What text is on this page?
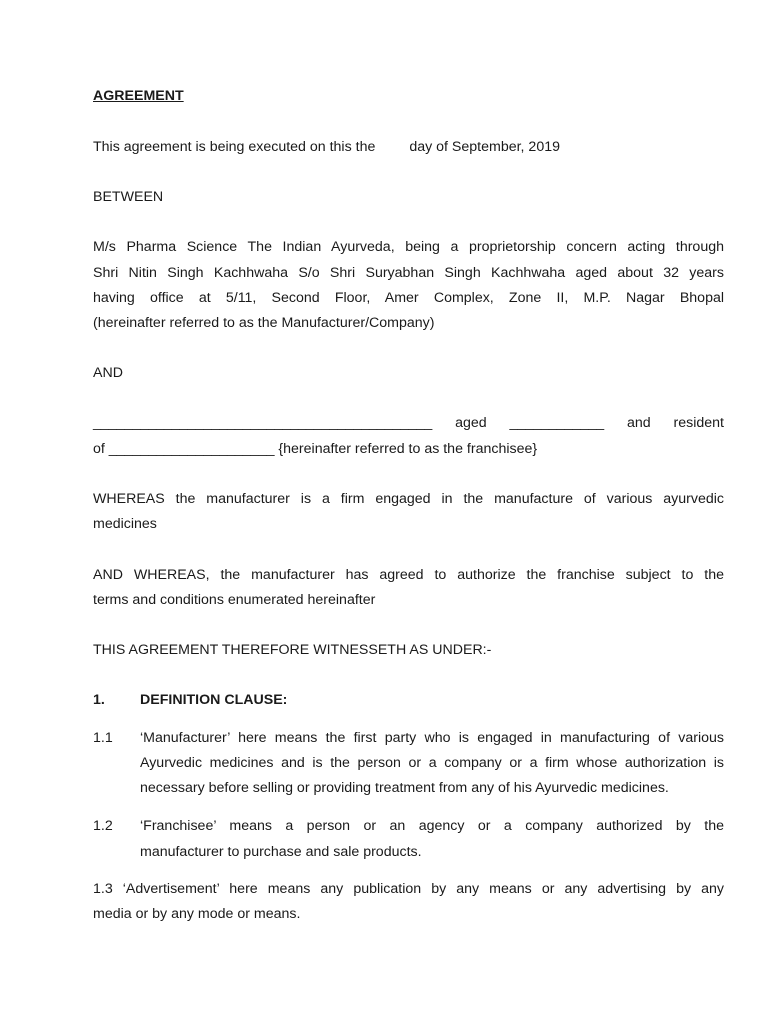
AGREEMENT
This agreement is being executed on this the day of September, 2019
BETWEEN
M/s Pharma Science The Indian Ayurveda, being a proprietorship concern acting through
Shri Nitin Singh Kachhwaha S/o Shri Suryabhan Singh Kachhwaha aged about 32 years
having office at 5/11, Second Floor, Amer Complex, Zone II, M.P. Nagar Bhopal
(hereinafter referred to as the Manufacturer/Company)
AND
___________________________________________ aged ____________ and resident
of _____________________ {hereinafter referred to as the franchisee}
WHEREAS the manufacturer is a firm engaged in the manufacture of various ayurvedic
medicines
AND WHEREAS, the manufacturer has agreed to authorize the franchise subject to the
terms and conditions enumerated hereinafter
THIS AGREEMENT THEREFORE WITNESSETH AS UNDER:-
1. DEFINITION CLAUSE:
1.1 ‘Manufacturer’ here means the first party who is engaged in manufacturing of various
Ayurvedic medicines and is the person or a company or a firm whose authorization is
necessary before selling or providing treatment from any of his Ayurvedic medicines.
1.2 ‘Franchisee’ means a person or an agency or a company authorized by the
manufacturer to purchase and sale products.
1.3 ‘Advertisement’ here means any publication by any means or any advertising by any
media or by any mode or means.
